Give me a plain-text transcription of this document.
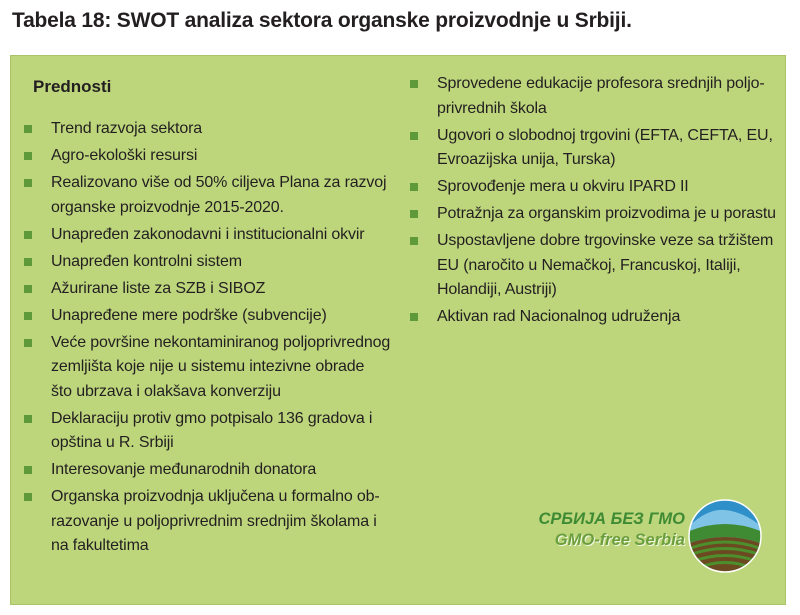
Tabela 18: SWOT analiza sektora organske proizvodnje u Srbiji.
Prednosti
Trend razvoja sektora
Agro-ekološki resursi
Realizovano više od 50% ciljeva Plana za razvoj
organske proizvodnje 2015-2020.
Unapređen zakonodavni i institucionalni okvir
Unapređen kontrolni sistem
Ažurirane liste za SZB i SIBOZ
Unapređene mere podrške (subvencije)
Veće površine nekontaminiranog poljoprivrednog
zemljišta koje nije u sistemu intezivne obrade
što ubrzava i olakšava konverziju
Deklaraciju protiv gmo potpisalo 136 gradova i
opština u R. Srbiji
Interesovanje međunarodnih donatora
Organska proizvodnja uključena u formalno ob-
razovanje u poljoprivrednim srednjim školama i
na fakultetima
Sprovedene edukacije profesora srednjih poljo-
privrednih škola
Ugovori o slobodnoj trgovini (EFTA, CEFTA, EU,
Evroazijska unija, Turska)
Sprovođenje mera u okviru IPARD II
Potražnja za organskim proizvodima je u porastu
Uspostavljene dobre trgovinske veze sa tržištem
EU (naročito u Nemačkoj, Francuskoj, Italiji,
Holandiji, Austriji)
Aktivan rad Nacionalnog udruženja
СРБИЈА БЕЗ ГМО
GMO-free Serbia
